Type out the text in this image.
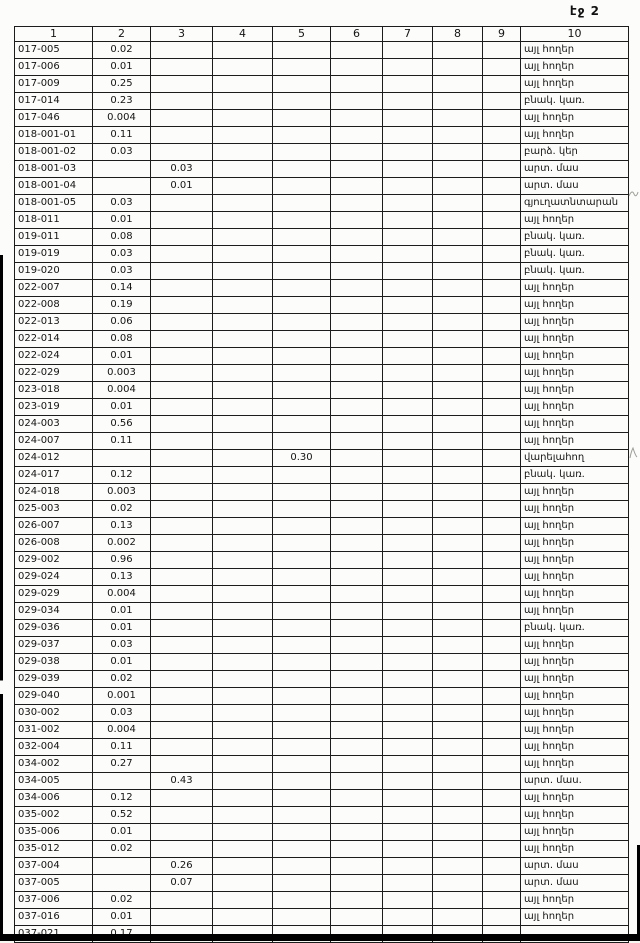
էջ 2
1	2	3	4	5	6	7	8	9	10
017-005	0.02								այլ հողեր
017-006	0.01								այլ հողեր
017-009	0.25								այլ հողեր
017-014	0.23								բնակ. կառ.
017-046	0.004								այլ հողեր
018-001-01	0.11								այլ հողեր
018-001-02	0.03								բարձ. կեր
018-001-03		0.03							արտ. մաս
018-001-04		0.01							արտ. մաս
018-001-05	0.03								գյուղատնտարան
018-011	0.01								այլ հողեր
019-011	0.08								բնակ. կառ.
019-019	0.03								բնակ. կառ.
019-020	0.03								բնակ. կառ.
022-007	0.14								այլ հողեր
022-008	0.19								այլ հողեր
022-013	0.06								այլ հողեր
022-014	0.08								այլ հողեր
022-024	0.01								այլ հողեր
022-029	0.003								այլ հողեր
023-018	0.004								այլ հողեր
023-019	0.01								այլ հողեր
024-003	0.56								այլ հողեր
024-007	0.11								այլ հողեր
024-012				0.30					վարելահող
024-017	0.12								բնակ. կառ.
024-018	0.003								այլ հողեր
025-003	0.02								այլ հողեր
026-007	0.13								այլ հողեր
026-008	0.002								այլ հողեր
029-002	0.96								այլ հողեր
029-024	0.13								այլ հողեր
029-029	0.004								այլ հողեր
029-034	0.01								այլ հողեր
029-036	0.01								բնակ. կառ.
029-037	0.03								այլ հողեր
029-038	0.01								այլ հողեր
029-039	0.02								այլ հողեր
029-040	0.001								այլ հողեր
030-002	0.03								այլ հողեր
031-002	0.004								այլ հողեր
032-004	0.11								այլ հողեր
034-002	0.27								այլ հողեր
034-005		0.43							արտ. մաս.
034-006	0.12								այլ հողեր
035-002	0.52								այլ հողեր
035-006	0.01								այլ հողեր
035-012	0.02								այլ հողեր
037-004		0.26							արտ. մաս
037-005		0.07							արտ. մաս
037-006	0.02								այլ հողեր
037-016	0.01								այլ հողեր
